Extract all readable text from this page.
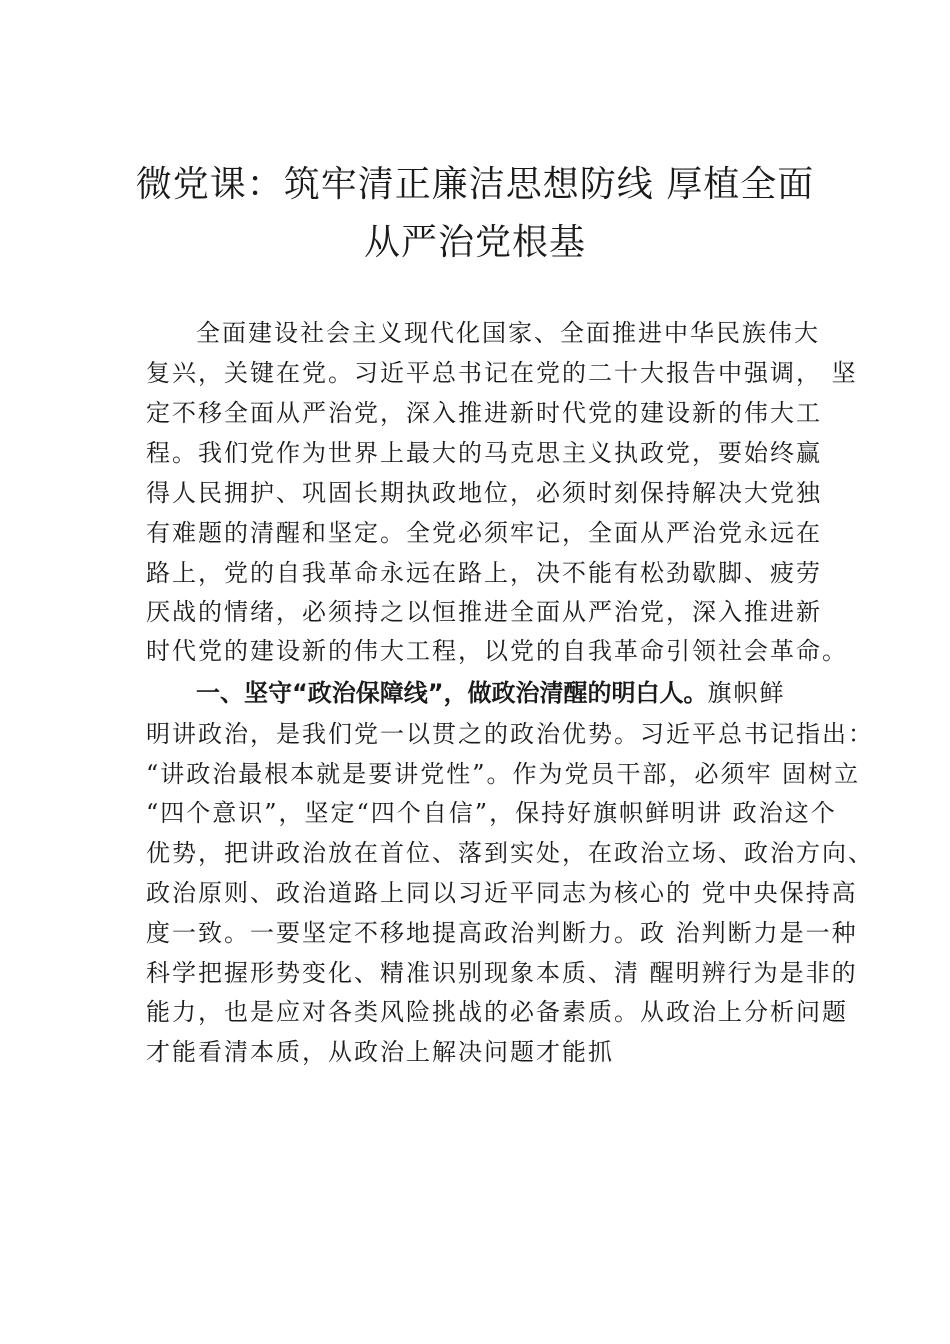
微党课：筑牢清正廉洁思想防线 厚植全面
从严治党根基
全面建设社会主义现代化国家、全面推进中华民族伟大
复兴，关键在党。习近平总书记在党的二十大报告中强调， 坚
定不移全面从严治党，深入推进新时代党的建设新的伟大工
程。我们党作为世界上最大的马克思主义执政党，要始终赢
得人民拥护、巩固长期执政地位，必须时刻保持解决大党独
有难题的清醒和坚定。全党必须牢记，全面从严治党永远在
路上，党的自我革命永远在路上，决不能有松劲歇脚、疲劳
厌战的情绪，必须持之以恒推进全面从严治党，深入推进新
时代党的建设新的伟大工程，以党的自我革命引领社会革命。
一、坚守“政治保障线”，做政治清醒的明白人。旗帜鲜
明讲政治，是我们党一以贯之的政治优势。习近平总书记指出：
“讲政治最根本就是要讲党性”。作为党员干部，必须牢 固树立
“四个意识”，坚定“四个自信”，保持好旗帜鲜明讲 政治这个
优势，把讲政治放在首位、落到实处，在政治立场、政治方向、
政治原则、政治道路上同以习近平同志为核心的 党中央保持高
度一致。一要坚定不移地提高政治判断力。政 治判断力是一种
科学把握形势变化、精准识别现象本质、清 醒明辨行为是非的
能力，也是应对各类风险挑战的必备素质。从政治上分析问题
才能看清本质，从政治上解决问题才能抓
